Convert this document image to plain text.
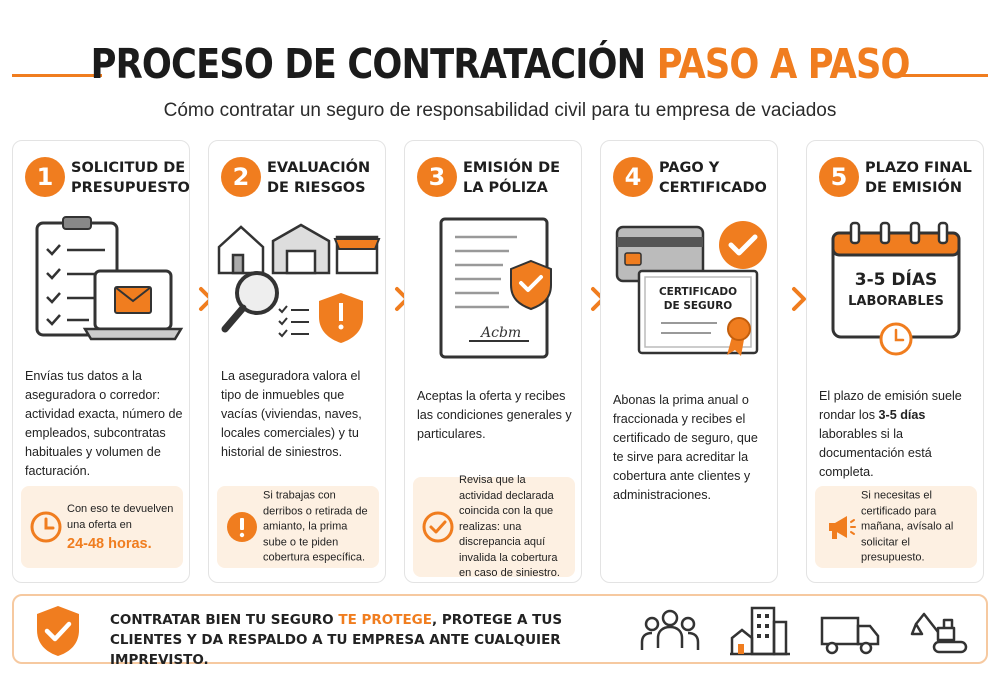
PROCESO DE CONTRATACIÓN PASO A PASO
Cómo contratar un seguro de responsabilidad civil para tu empresa de vaciados
1	SOLICITUD DE PRESUPUESTO
Envías tus datos a la aseguradora o corredor: actividad exacta, número de empleados, subcontratas habituales y volumen de facturación.
Con eso te devuelven una oferta en
24-48 horas.
2	EVALUACIÓN DE RIESGOS
La aseguradora valora el tipo de inmuebles que vacías (viviendas, naves, locales comerciales) y tu historial de siniestros.
Si trabajas con derribos o retirada de amianto, la prima sube o te piden cobertura específica.
3	EMISIÓN DE LA PÓLIZA
Acbm
Aceptas la oferta y recibes las condiciones generales y particulares.
Revisa que la actividad declarada coincida con la que realizas: una discrepancia aquí invalida la cobertura en caso de siniestro.
4	PAGO Y CERTIFICADO
CERTIFICADO
DE SEGURO
Abonas la prima anual o fraccionada y recibes el certificado de seguro, que te sirve para acreditar la cobertura ante clientes y administraciones.
5	PLAZO FINAL DE EMISIÓN
3-5 DÍAS
LABORABLES
El plazo de emisión suele rondar los 3-5 días laborables si la documentación está completa.
Si necesitas el certificado para mañana, avísalo al solicitar el presupuesto.
CONTRATAR BIEN TU SEGURO TE PROTEGE, PROTEGE A TUS CLIENTES Y DA RESPALDO A TU EMPRESA ANTE CUALQUIER IMPREVISTO.
